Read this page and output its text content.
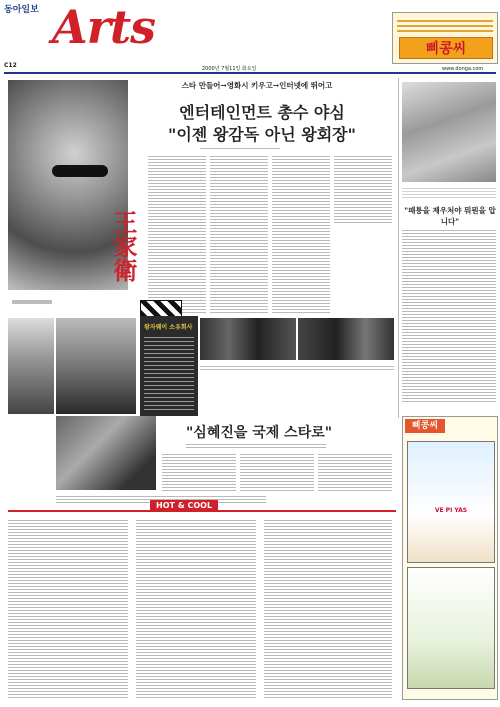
동아일보 Arts
C12	2000년 7월11일 화요일	www.donga.com
삐콩씨
스타 만들어→영화시 키우고→인터넷에 뛰어고
엔터테인먼트 총수 야심
"이젠 왕감독 아닌 왕회장"
王家衛
왕자웨이 소유회사
"패퉁을 제우처야 뭐뭔을 압니다"
"심혜진을 국제 스타로"
HOT & COOL
삐콩씨
VE PI YAS
